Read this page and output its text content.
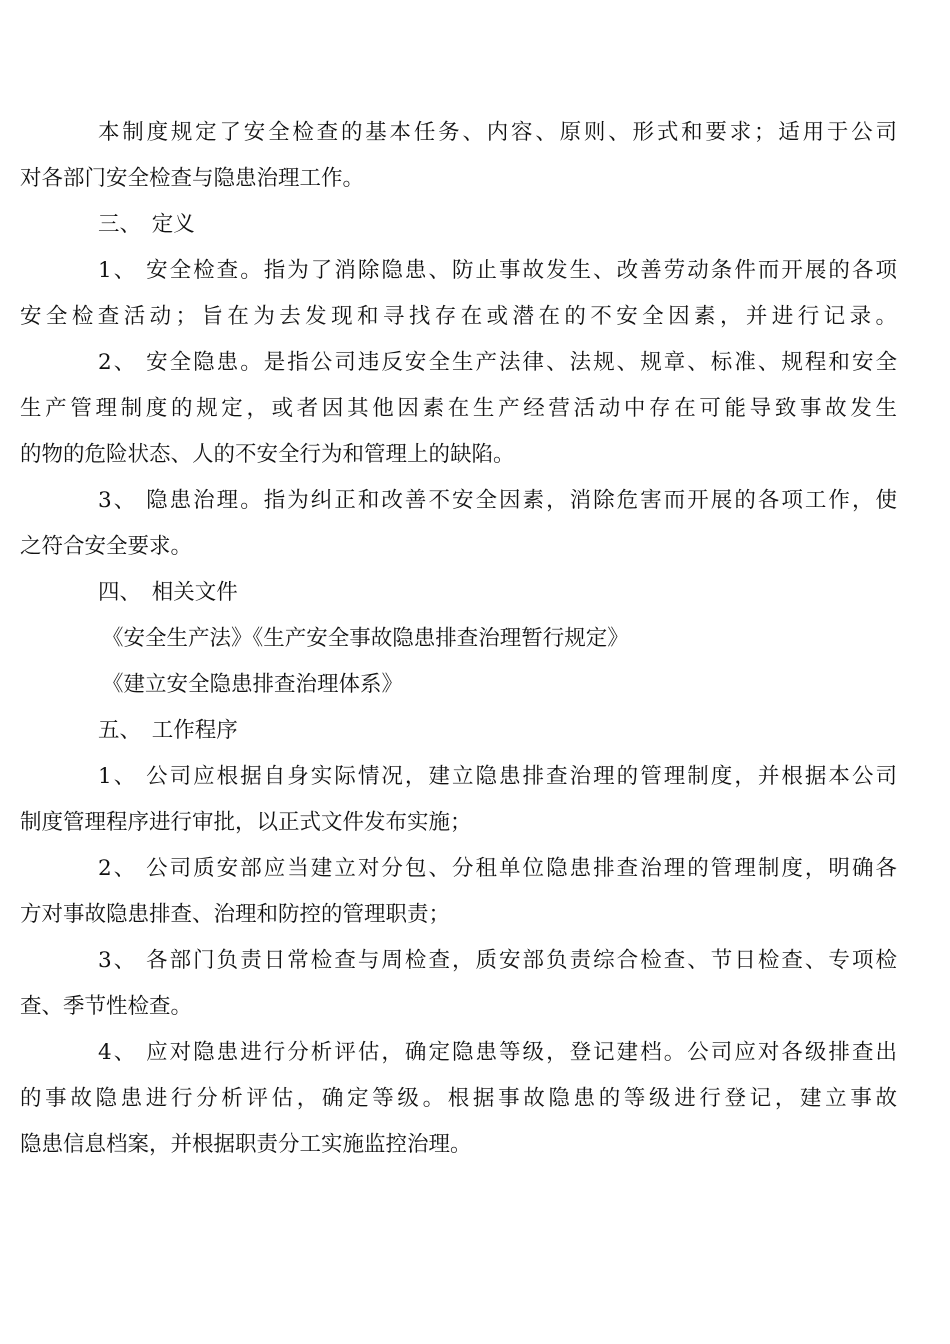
本制度规定了安全检查的基本任务、内容、原则、形式和要求；适用于公司
对各部门安全检查与隐患治理工作。
三、　定义
1、 安全检查。指为了消除隐患、防止事故发生、改善劳动条件而开展的各项
安全检查活动；旨在为去发现和寻找存在或潜在的不安全因素，并进行记录。
2、 安全隐患。是指公司违反安全生产法律、法规、规章、标准、规程和安全
生产管理制度的规定，或者因其他因素在生产经营活动中存在可能导致事故发生
的物的危险状态、人的不安全行为和管理上的缺陷。
3、 隐患治理。指为纠正和改善不安全因素，消除危害而开展的各项工作，使
之符合安全要求。
四、　相关文件
《安全生产法》《生产安全事故隐患排查治理暂行规定》
《建立安全隐患排查治理体系》
五、　工作程序
1、 公司应根据自身实际情况，建立隐患排查治理的管理制度，并根据本公司
制度管理程序进行审批，以正式文件发布实施；
2、 公司质安部应当建立对分包、分租单位隐患排查治理的管理制度，明确各
方对事故隐患排查、治理和防控的管理职责；
3、 各部门负责日常检查与周检查，质安部负责综合检查、节日检查、专项检
查、季节性检查。
4、 应对隐患进行分析评估，确定隐患等级，登记建档。公司应对各级排查出
的事故隐患进行分析评估，确定等级。根据事故隐患的等级进行登记，建立事故
隐患信息档案，并根据职责分工实施监控治理。
